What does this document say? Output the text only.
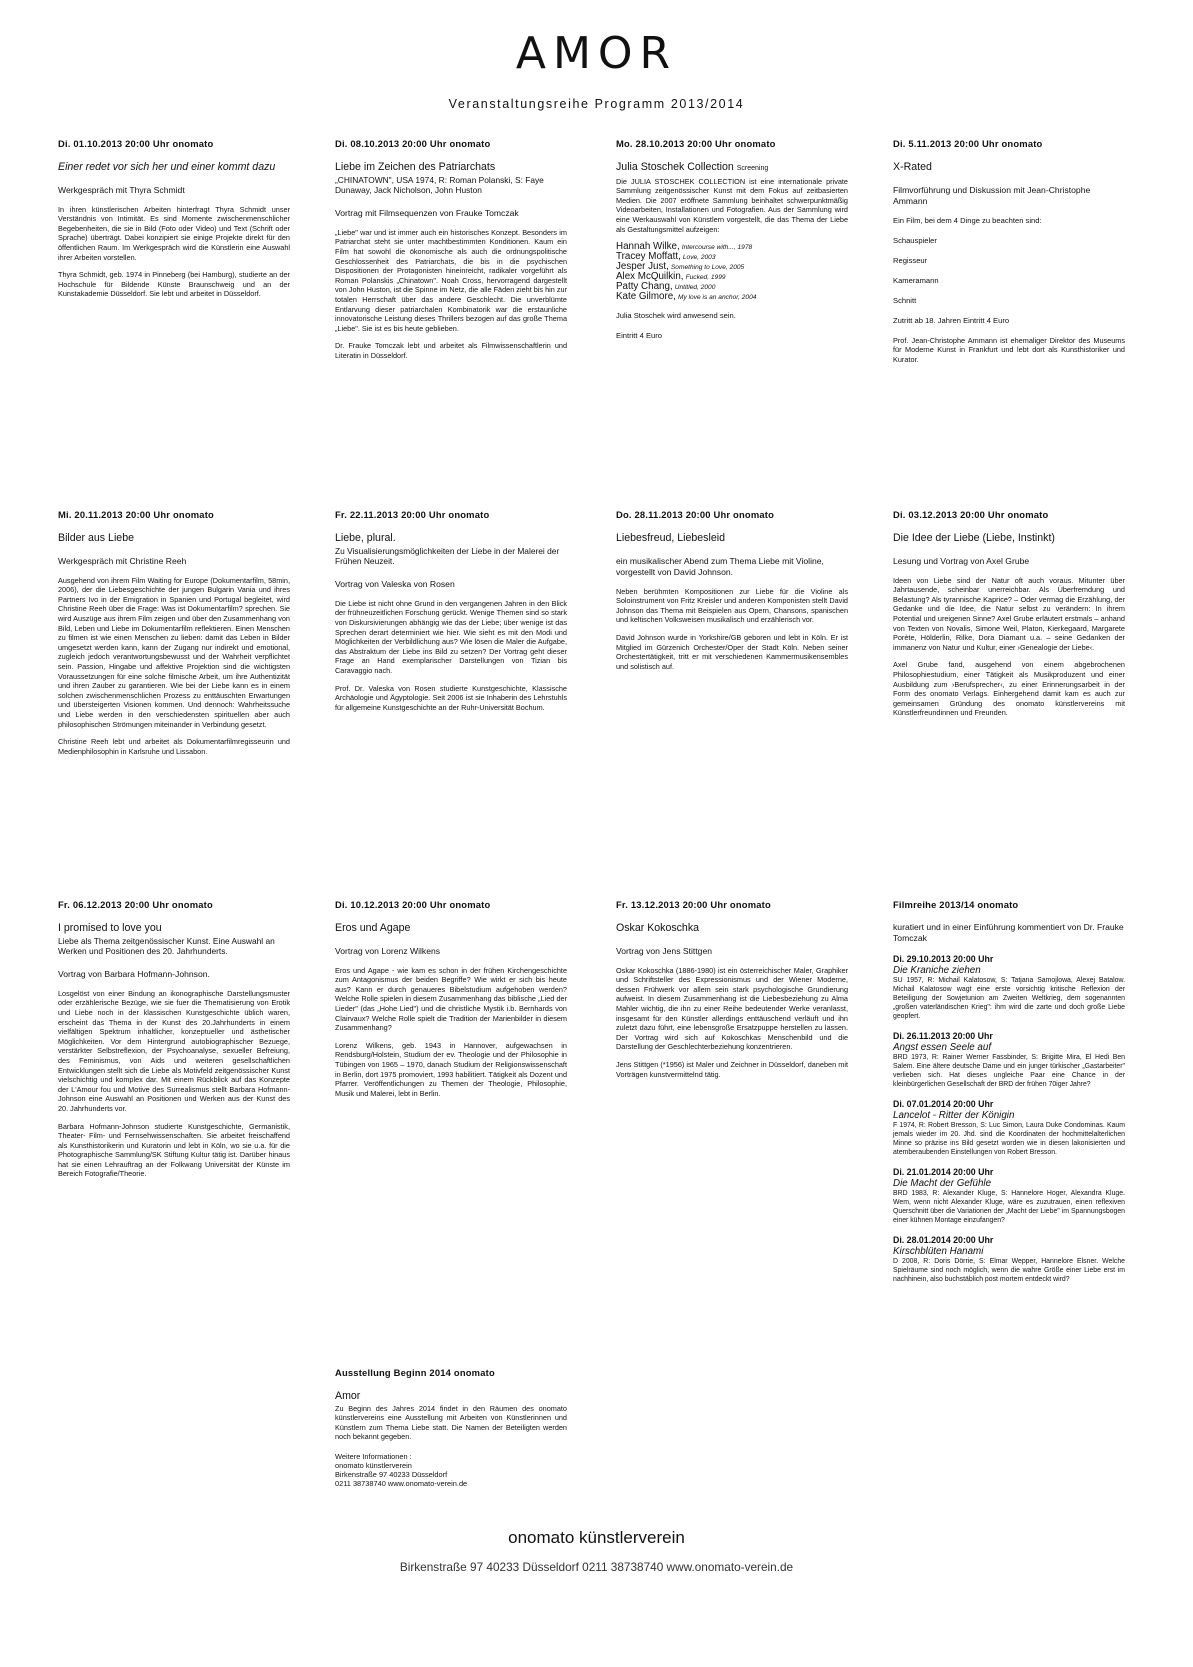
AMOR
Veranstaltungsreihe Programm 2013/2014
Di. 01.10.2013 20:00 Uhr onomato
Einer redet vor sich her und einer kommt dazu
Werkgespräch mit Thyra Schmidt

In ihren künstlerischen Arbeiten hinterfragt Thyra Schmidt unser Verständnis von Intimität. Es sind Momente zwischenmenschlicher Begebenheiten, die sie in Bild (Foto oder Video) und Text (Schrift oder Sprache) überträgt. Dabei konzipiert sie einige Projekte direkt für den öffentlichen Raum. Im Werkgespräch wird die Künstlerin eine Auswahl ihrer Arbeiten vorstellen.

Thyra Schmidt, geb. 1974 in Pinneberg (bei Hamburg), studierte an der Hochschule für Bildende Künste Braunschweig und an der Kunstakademie Düsseldorf. Sie lebt und arbeitet in Düsseldorf.

Di. 08.10.2013 20:00 Uhr onomato
Liebe im Zeichen des Patriarchats
„CHINATOWN", USA 1974, R: Roman Polanski, S: Faye Dunaway, Jack Nicholson, John Huston
Vortrag mit Filmsequenzen von Frauke Tomczak

„Liebe" war und ist immer auch ein historisches Konzept. Besonders im Patriarchat steht sie unter machtbestimmten Konditionen. Kaum ein Film hat sowohl die ökonomische als auch die ordnungspolitische Geschlossenheit des Patriarchats, die bis in die psychischen Dispositionen der Protagonisten hineinreicht, radikaler vorgeführt als Roman Polanskis „Chinatown". Noah Cross, hervorragend dargestellt von John Huston, ist die Spinne im Netz, die alle Fäden zieht bis hin zur totalen Herrschaft über das andere Geschlecht. Die unverblümte Entlarvung dieser patriarchalen Kombinatorik war die erstaunliche innovatorische Leistung dieses Thrillers bezogen auf das große Thema „Liebe". Sie ist es bis heute geblieben.

Dr. Frauke Tomczak lebt und arbeitet als Filmwissenschaftlerin und Literatin in Düsseldorf.

Mo. 28.10.2013 20:00 Uhr onomato
Julia Stoschek Collection Screening

Die JULIA STOSCHEK COLLECTION ist eine internationale private Sammlung zeitgenössischer Kunst mit dem Fokus auf zeitbasierten Medien. Die 2007 eröffnete Sammlung beinhaltet schwerpunktmäßig Videoarbeiten, Installationen und Fotografien. Aus der Sammlung wird eine Werkauswahl von Künstlern vorgestellt, die das Thema der Liebe als Gestaltungsmittel aufzeigen:

Hannah Wilke, Intercourse with..., 1978
Tracey Moffatt, Love, 2003
Jesper Just, Something to Love, 2005
Alex McQuilkin, Fucked, 1999
Patty Chang, Untitled, 2000
Kate Gilmore, My love is an anchor, 2004
Julia Stoschek wird anwesend sein.
Eintritt 4 Euro
Di. 5.11.2013 20:00 Uhr onomato
X-Rated
Filmvorführung und Diskussion mit Jean-Christophe Ammann
Ein Film, bei dem 4 Dinge zu beachten sind:
Schauspieler
Regisseur
Kameramann
Schnitt
Zutritt ab 18. Jahren Eintritt 4 Euro

Prof. Jean-Christophe Ammann ist ehemaliger Direktor des Museums für Moderne Kunst in Frankfurt und lebt dort als Kunsthistoriker und Kurator.

Mi. 20.11.2013 20:00 Uhr onomato
Bilder aus Liebe
Werkgespräch mit Christine Reeh

Ausgehend von ihrem Film Waiting for Europe (Dokumentarfilm, 58min, 2006), der die Liebesgeschichte der jungen Bulgarin Vania und ihres Partners Ivo in der Emigration in Spanien und Portugal begleitet, wird Christine Reeh über die Frage: Was ist Dokumentarfilm? sprechen. Sie wird Auszüge aus ihrem Film zeigen und über den Zusammenhang von Bild, Leben und Liebe im Dokumentarfilm reflektieren. Einen Menschen zu filmen ist wie einen Menschen zu lieben: damit das Leben in Bilder umgesetzt werden kann, kann der Zugang nur indirekt und emotional, zugleich jedoch verantwortungsbewusst und der Wahrheit verpflichtet sein. Passion, Hingabe und affektive Projektion sind die wichtigsten Voraussetzungen für eine solche filmische Arbeit, um ihre Authentizität und ihren Zauber zu garantieren. Wie bei der Liebe kann es in einem solchen zwischenmenschlichen Prozess zu enttäuschten Erwartungen und übersteigerten Visionen kommen. Und dennoch: Wahrheitssuche und Liebe werden in den verschiedensten spirituellen aber auch philosophischen Strömungen miteinander in Verbindung gesetzt.

Christine Reeh lebt und arbeitet als Dokumentarfilmregisseurin und Medienphilosophin in Karlsruhe und Lissabon.

Fr. 22.11.2013 20:00 Uhr onomato
Liebe, plural.
Zu Visualisierungsmöglichkeiten der Liebe in der Malerei der Frühen Neuzeit.
Vortrag von Valeska von Rosen

Die Liebe ist nicht ohne Grund in den vergangenen Jahren in den Blick der frühneuzeitlichen Forschung gerückt. Wenige Themen sind so stark von Diskursivierungen abhängig wie das der Liebe; über wenige ist das Sprechen derart determiniert wie hier. Wie sieht es mit den Modi und Möglichkeiten der Verbildlichung aus? Wie lösen die Maler die Aufgabe, das Abstraktum der Liebe ins Bild zu setzen? Der Vortrag geht dieser Frage an Hand exemplarischer Darstellungen von Tizian bis Caravaggio nach.

Prof. Dr. Valeska von Rosen studierte Kunstgeschichte, Klassische Archäologie und Ägyptologie. Seit 2006 ist sie Inhaberin des Lehrstuhls für allgemeine Kunstgeschichte an der Ruhr-Universität Bochum.

Do. 28.11.2013 20:00 Uhr onomato
Liebesfreud, Liebesleid
ein musikalischer Abend zum Thema Liebe mit Violine, vorgestellt von David Johnson.

Neben berühmten Kompositionen zur Liebe für die Violine als Soloinstrument von Fritz Kreisler und anderen Komponisten stellt David Johnson das Thema mit Beispielen aus Opern, Chansons, spanischen und keltischen Volksweisen musikalisch und erzählerisch vor.

David Johnson wurde in Yorkshire/GB geboren und lebt in Köln. Er ist Mitglied im Gürzenich Orchester/Oper der Stadt Köln. Neben seiner Orchestertätigkeit, tritt er mit verschiedenen Kammermusikensembles und solistisch auf.

Di. 03.12.2013 20:00 Uhr onomato
Die Idee der Liebe (Liebe, Instinkt)
Lesung und Vortrag von Axel Grube

Ideen von Liebe sind der Natur oft auch voraus. Mitunter über Jahrtausende, scheinbar unerreichbar. Als Überfremdung und Belastung? Als tyrannische Kaprice? – Oder vermag die Erzählung, der Gedanke und die Idee, die Natur selbst zu verändern: In ihrem Potential und ureigenen Sinne? Axel Grube erläutert erstmals – anhand von Texten von Novalis, Simone Weil, Platon, Kierkegaard, Margarete Porète, Hölderlin, Rilke, Dora Diamant u.a. – seine Gedanken der immanenz von Natur und Kultur, einer ›Genealogie der Liebe‹.

Axel Grube fand, ausgehend von einem abgebrochenen Philosophiestudium, einer Tätigkeit als Musikproduzent und einer Ausbildung zum ›Berufsprecher‹, zu einer Erinnerungsarbeit in der Form des onomato Verlags. Einhergehend damit kam es auch zur gemeinsamen Gründung des onomato künstlervereins mit Künstlerfreundinnen und Freunden.

Fr. 06.12.2013 20:00 Uhr onomato
I promised to love you
Liebe als Thema zeitgenössischer Kunst. Eine Auswahl an Werken und Positionen des 20. Jahrhunderts.
Vortrag von Barbara Hofmann-Johnson.

Losgelöst von einer Bindung an ikonographische Darstellungsmuster oder erzählerische Bezüge, wie sie fuer die Thematisierung von Erotik und Liebe noch in der klassischen Kunstgeschichte üblich waren, erscheint das Thema in der Kunst des 20.Jahrhunderts in einem vielfältigen Spektrum inhaltlicher, konzeptueller und ästhetischer Möglichkeiten. Vor dem Hintergrund autobiographischer Bezuege, verstärkter Selbstreflexion, der Psychoanalyse, sexueller Befreiung, des Feminismus, von Aids und weiteren gesellschaftlichen Entwicklungen stellt sich die Liebe als Motivfeld zeitgenössischer Kunst vielschichtig und komplex dar. Mit einem Rückblick auf das Konzepte der L'Amour fou und Motive des Surrealismus stellt Barbara Hofmann-Johnson eine Auswahl an Positionen und Werken aus der Kunst des 20. Jahrhunderts vor.

Barbara Hofmann-Johnson studierte Kunstgeschichte, Germanistik, Theater- Film- und Fernsehwissenschaften. Sie arbeitet freischaffend als Kunsthistorikerin und Kuratorin und lebt in Köln, wo sie u.a. für die Photographische Sammlung/SK Stiftung Kultur tätig ist. Darüber hinaus hat sie einen Lehrauftrag an der Folkwang Universität der Künste im Bereich Fotografie/Theorie.

Di. 10.12.2013 20:00 Uhr onomato
Eros und Agape
Vortrag von Lorenz Wilkens

Eros und Agape - wie kam es schon in der frühen Kirchengeschichte zum Antagonismus der beiden Begriffe? Wie wirkt er sich bis heute aus? Kann er durch genaueres Bibelstudium aufgehoben werden? Welche Rolle spielen in diesem Zusammenhang das biblische „Lied der Lieder" (das „Hohe Lied") und die christliche Mystik i.b. Bernhards von Clairvaux? Welche Rolle spielt die Tradition der Marienbilder in diesem Zusammenhang?

Lorenz Wilkens, geb. 1943 in Hannover, aufgewachsen in Rendsburg/Holstein, Studium der ev. Theologie und der Philosophie in Tübingen von 1965 – 1970, danach Studium der Religionswissenschaft in Berlin, dort 1975 promoviert, 1993 habilitiert. Tätigkeit als Dozent und Pfarrer. Veröffentlichungen zu Themen der Theologie, Philosophie, Musik und Malerei, lebt in Berlin.

Fr. 13.12.2013 20:00 Uhr onomato
Oskar Kokoschka
Vortrag von Jens Stittgen

Oskar Kokoschka (1886-1980) ist ein österreichischer Maler, Graphiker und Schriftsteller des Expressionismus und der Wiener Moderne, dessen Frühwerk vor allem sein stark psychologische Grundierung aufweist. In diesem Zusammenhang ist die Liebesbeziehung zu Alma Mahler wichtig, die ihn zu einer Reihe bedeutender Werke veranlasst, insgesamt für den Künstler allerdings enttäuschend verläuft und ihn zuletzt dazu führt, eine lebensgroße Ersatzpuppe herstellen zu lassen. Der Vortrag wird sich auf Kokoschkas Menschenbild und die Darstellung der Geschlechterbeziehung konzentrieren.

Jens Stittgen (*1956) ist Maler und Zeichner in Düsseldorf, daneben mit Vorträgen kunstvermittelnd tätig.

Filmreihe 2013/14 onomato
kuratiert und in einer Einführung kommentiert von Dr. Frauke Tomczak
Di. 29.10.2013 20:00 Uhr
Die Kraniche ziehen
SU 1957, R: Michail Kalatosow, S: Tatjana Samojlowa, Alexej Batalow. Michail Kalatosow wagt eine erste vorsichtig kritische Reflexion der Beteiligung der Sowjetunion am Zweiten Weltkrieg, dem sogenannten „großen vaterländischen Krieg": ihm wird die zarte und doch große Liebe geopfert.
Di. 26.11.2013 20:00 Uhr
Angst essen Seele auf
BRD 1973, R: Rainer Werner Fassbinder, S: Brigitte Mira, El Hedi Ben Salem. Eine ältere deutsche Dame und ein junger türkischer „Gastarbeiter" verlieben sich. Hat dieses ungleiche Paar eine Chance in der kleinbürgerlichen Gesellschaft der BRD der frühen 70iger Jahre?
Di. 07.01.2014 20:00 Uhr
Lancelot - Ritter der Königin
F 1974, R: Robert Bresson, S: Luc Simon, Laura Duke Condominas. Kaum jemals wieder im 20. Jhd. sind die Koordinaten der hochmittelalterlichen Minne so präzise ins Bild gesetzt worden wie in diesen lakonisierten und atemberaubenden Einstellungen von Robert Bresson.
Di. 21.01.2014 20:00 Uhr
Die Macht der Gefühle
BRD 1983, R: Alexander Kluge, S: Hannelore Hoger, Alexandra Kluge. Wem, wenn nicht Alexander Kluge, wäre es zuzutrauen, einen reflexiven Querschnitt über die Variationen der „Macht der Liebe" im Spannungsbogen einer kühnen Montage einzufangen?
Di. 28.01.2014 20:00 Uhr
Kirschblüten Hanami
D 2008, R: Doris Dörrie, S: Elmar Wepper, Hannelore Elsner. Welche Spielräume sind noch möglich, wenn die wahre Größe einer Liebe erst im nachhinein, also buchstäblich post mortem entdeckt wird?
Ausstellung Beginn 2014 onomato
Amor

Zu Beginn des Jahres 2014 findet in den Räumen des onomato künstlervereins eine Ausstellung mit Arbeiten von Künstlerinnen und Künstlern zum Thema Liebe statt. Die Namen der Beteiligten werden noch bekannt gegeben.

Weitere Informationen :
onomato künstlerverein
Birkenstraße 97 40233 Düsseldorf
0211 38738740 www.onomato-verein.de
onomato künstlerverein
Birkenstraße 97 40233 Düsseldorf 0211 38738740 www.onomato-verein.de
